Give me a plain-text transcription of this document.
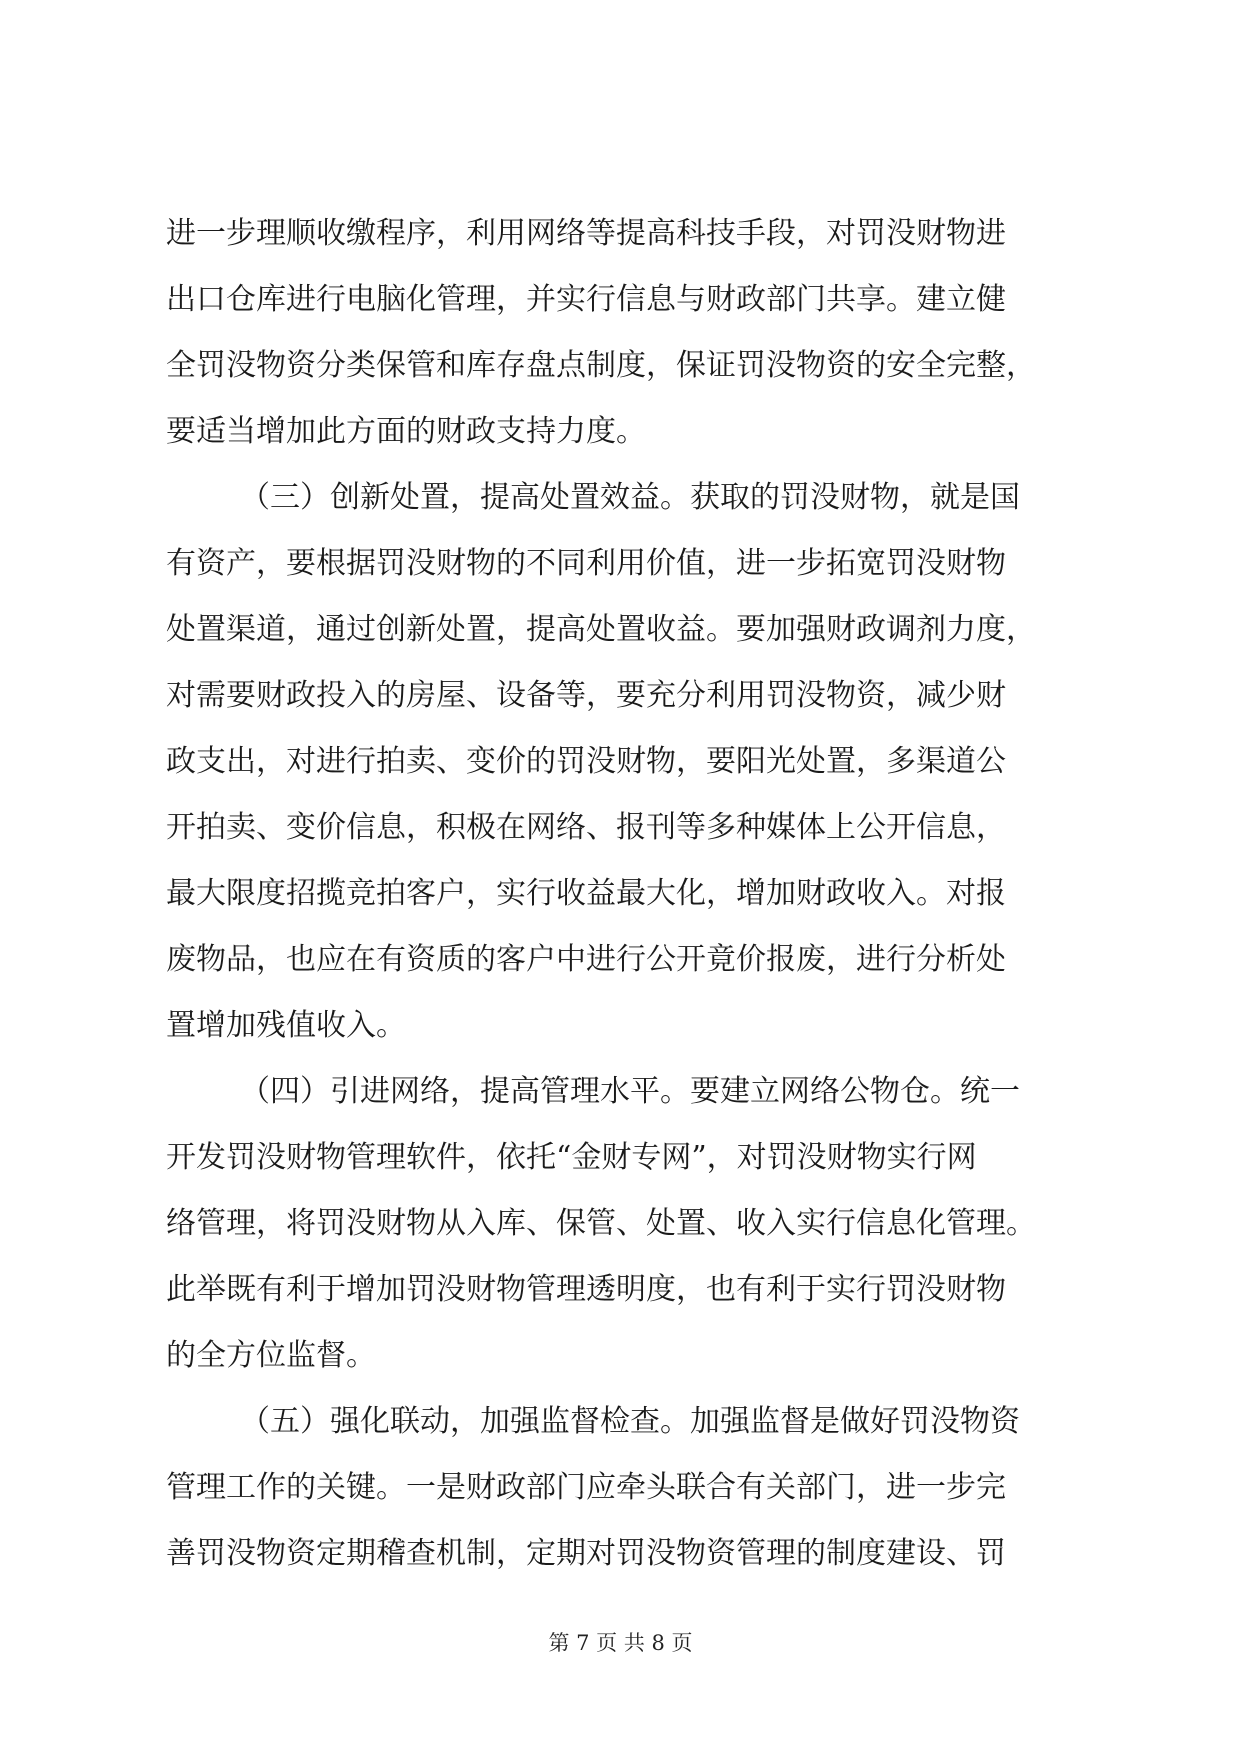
进一步理顺收缴程序，利用网络等提高科技手段，对罚没财物进
出口仓库进行电脑化管理，并实行信息与财政部门共享。建立健
全罚没物资分类保管和库存盘点制度，保证罚没物资的安全完整，
要适当增加此方面的财政支持力度。
（三）创新处置，提高处置效益。获取的罚没财物，就是国
有资产，要根据罚没财物的不同利用价值，进一步拓宽罚没财物
处置渠道，通过创新处置，提高处置收益。要加强财政调剂力度，
对需要财政投入的房屋、设备等，要充分利用罚没物资，减少财
政支出，对进行拍卖、变价的罚没财物，要阳光处置，多渠道公
开拍卖、变价信息，积极在网络、报刊等多种媒体上公开信息，
最大限度招揽竞拍客户，实行收益最大化，增加财政收入。对报
废物品，也应在有资质的客户中进行公开竟价报废，进行分析处
置增加残值收入。
（四）引进网络，提高管理水平。要建立网络公物仓。统一
开发罚没财物管理软件，依托“金财专网”，对罚没财物实行网
络管理，将罚没财物从入库、保管、处置、收入实行信息化管理。
此举既有利于增加罚没财物管理透明度，也有利于实行罚没财物
的全方位监督。
（五）强化联动，加强监督检查。加强监督是做好罚没物资
管理工作的关键。一是财政部门应牵头联合有关部门，进一步完
善罚没物资定期稽查机制，定期对罚没物资管理的制度建设、罚
第 7 页 共 8 页
